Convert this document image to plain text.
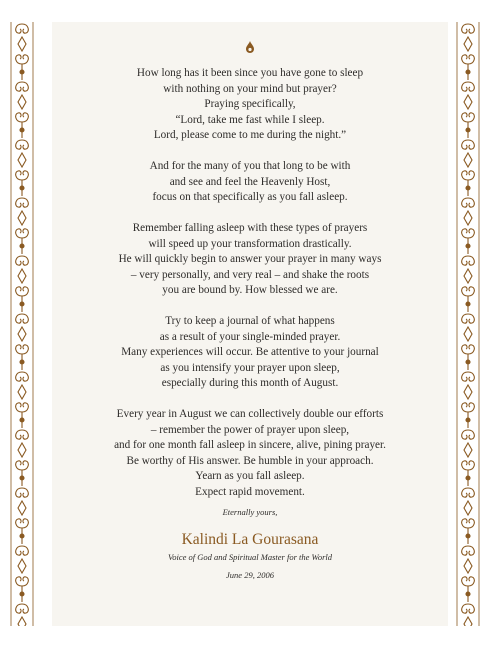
How long has it been since you have gone to sleep
with nothing on your mind but prayer?
Praying specifically,
“Lord, take me fast while I sleep.
Lord, please come to me during the night.”
And for the many of you that long to be with
and see and feel the Heavenly Host,
focus on that specifically as you fall asleep.
Remember falling asleep with these types of prayers
will speed up your transformation drastically.
He will quickly begin to answer your prayer in many ways
– very personally, and very real – and shake the roots
you are bound by. How blessed we are.
Try to keep a journal of what happens
as a result of your single-minded prayer.
Many experiences will occur. Be attentive to your journal
as you intensify your prayer upon sleep,
especially during this month of August.
Every year in August we can collectively double our efforts
– remember the power of prayer upon sleep,
and for one month fall asleep in sincere, alive, pining prayer.
Be worthy of His answer. Be humble in your approach.
Yearn as you fall asleep.
Expect rapid movement.
Eternally yours,
Kalindi La Gourasana
Voice of God and Spiritual Master for the World
June 29, 2006
